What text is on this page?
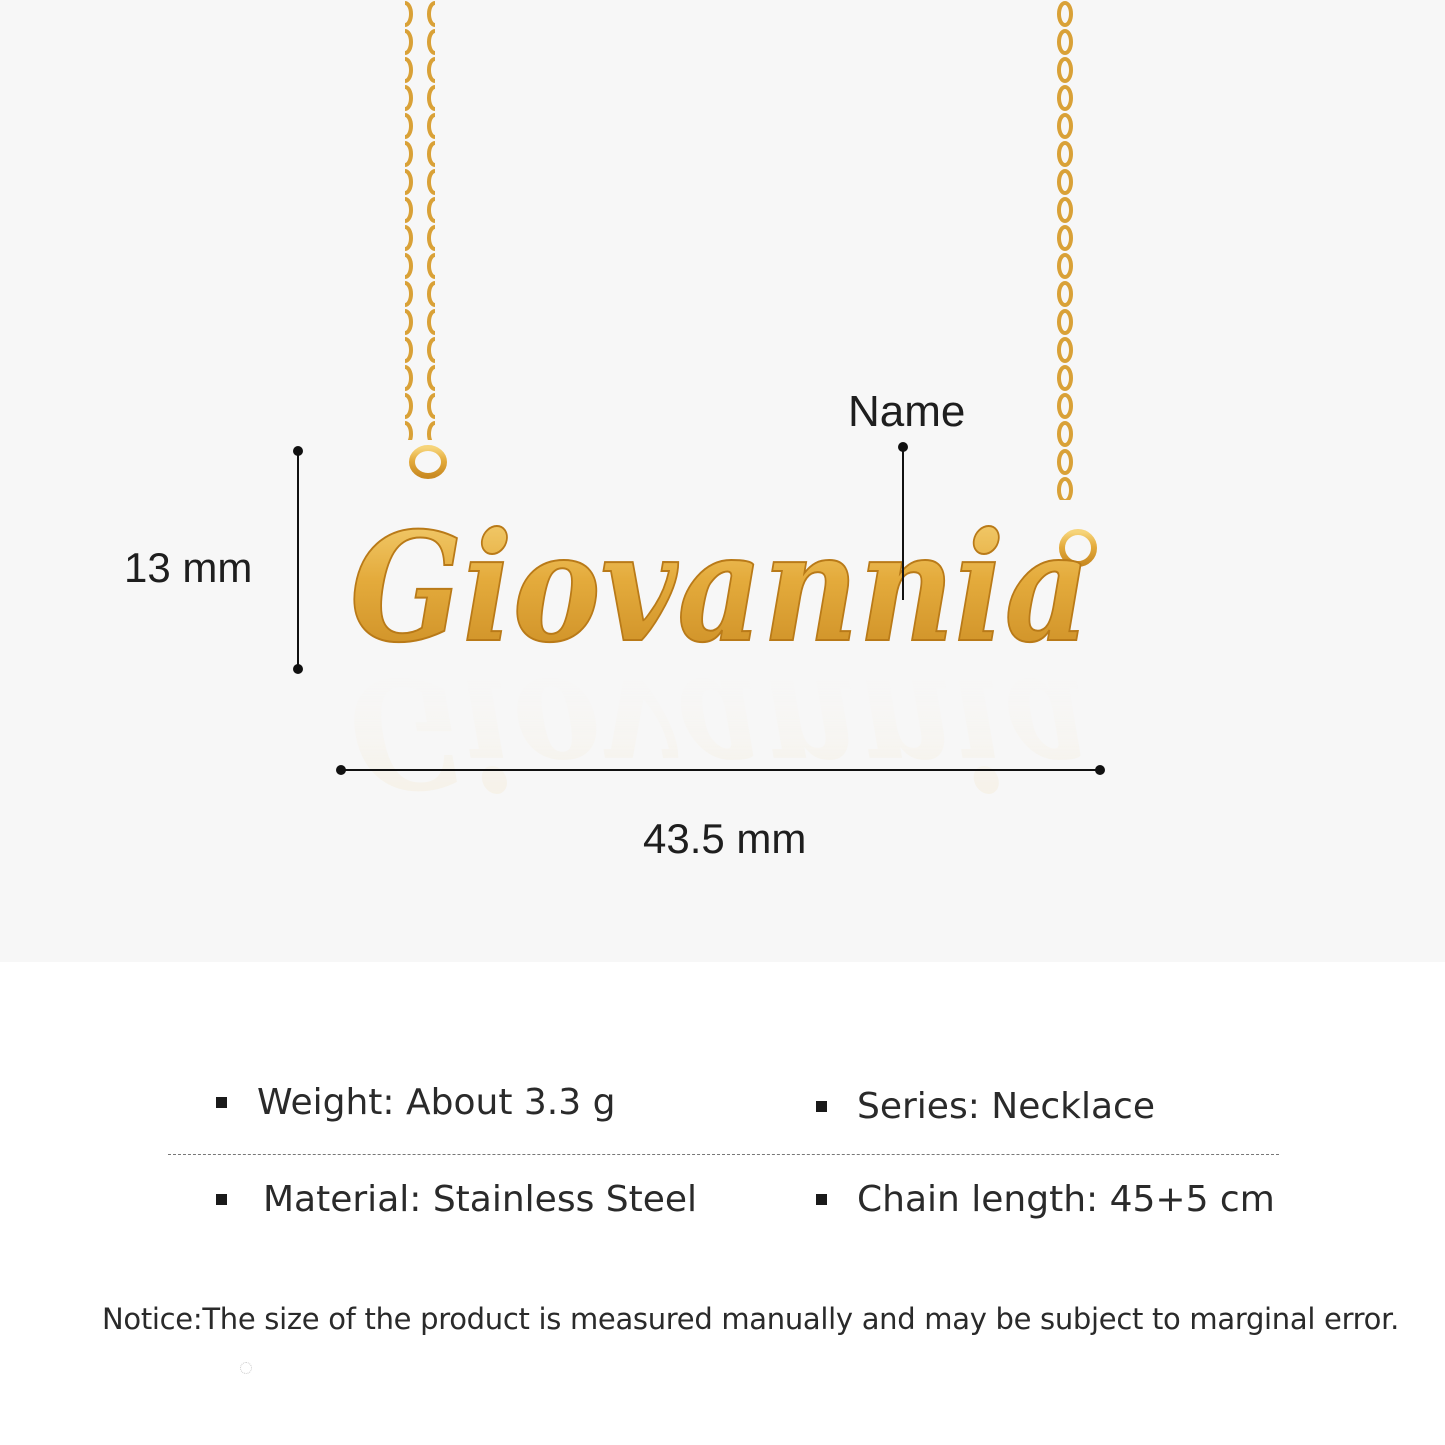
Giovannia
Giovannia
13 mm
43.5 mm
Name
Weight: About 3.3 g	Series: Necklace
Material: Stainless Steel	Chain length: 45+5 cm
Notice:The size of the product is measured manually and may be subject to marginal error.
